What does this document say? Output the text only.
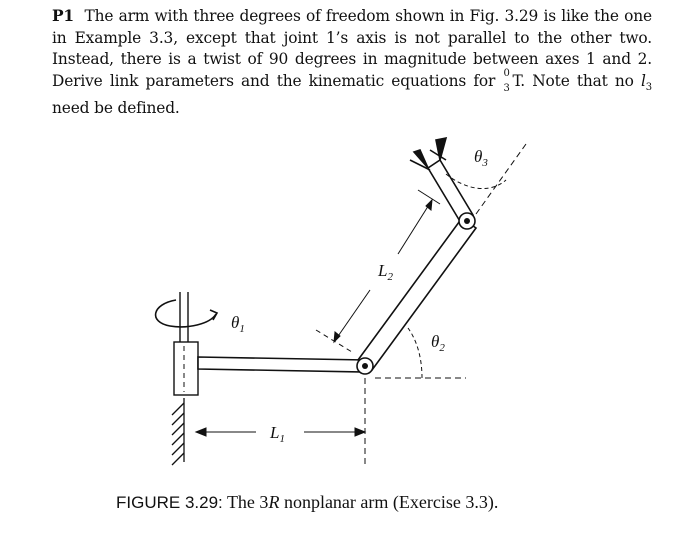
P1 The arm with three degrees of freedom shown in Fig. 3.29 is like the one in Example 3.3, except that joint 1’s axis is not parallel to the other two. Instead, there is a twist of 90 degrees in magnitude between axes 1 and 2. Derive link parameters and the kinematic equations for 0
3 T. Note that no $l_3$ need be defined.
$\theta_1$
$\theta_2$
$\theta_3$
$L_2$
$L_1$
FIGURE 3.29: The 3R nonplanar arm (Exercise 3.3).
